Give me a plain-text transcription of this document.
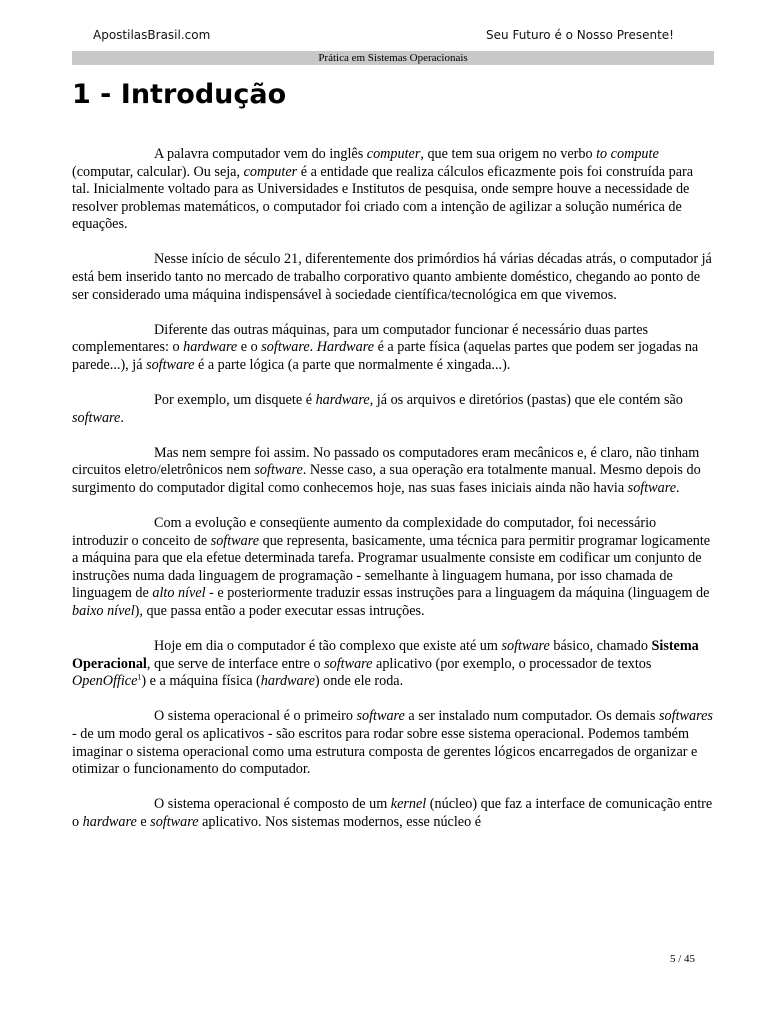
ApostilasBrasil.com	Seu Futuro é o Nosso Presente!
Prática em Sistemas Operacionais
1 - Introdução

A palavra computador vem do inglês computer, que tem sua origem no verbo to compute (computar, calcular). Ou seja, computer é a entidade que realiza cálculos eficazmente pois foi construída para tal. Inicialmente voltado para as Universidades e Institutos de pesquisa, onde sempre houve a necessidade de resolver problemas matemáticos, o computador foi criado com a intenção de agilizar a solução numérica de equações.

Nesse início de século 21, diferentemente dos primórdios há várias décadas atrás, o computador já está bem inserido tanto no mercado de trabalho corporativo quanto ambiente doméstico, chegando ao ponto de ser considerado uma máquina indispensável à sociedade científica/tecnológica em que vivemos.

Diferente das outras máquinas, para um computador funcionar é necessário duas partes complementares: o hardware e o software. Hardware é a parte física (aquelas partes que podem ser jogadas na parede...), já software é a parte lógica (a parte que normalmente é xingada...).

Por exemplo, um disquete é hardware, já os arquivos e diretórios (pastas) que ele contém são software.

Mas nem sempre foi assim. No passado os computadores eram mecânicos e, é claro, não tinham circuitos eletro/eletrônicos nem software. Nesse caso, a sua operação era totalmente manual. Mesmo depois do surgimento do computador digital como conhecemos hoje, nas suas fases iniciais ainda não havia software.

Com a evolução e conseqüente aumento da complexidade do computador, foi necessário introduzir o conceito de software que representa, basicamente, uma técnica para permitir programar logicamente a máquina para que ela efetue determinada tarefa. Programar usualmente consiste em codificar um conjunto de instruções numa dada linguagem de programação - semelhante à linguagem humana, por isso chamada de linguagem de alto nível - e posteriormente traduzir essas instruções para a linguagem da máquina (linguagem de baixo nível), que passa então a poder executar essas intruções.

Hoje em dia o computador é tão complexo que existe até um software básico, chamado Sistema Operacional, que serve de interface entre o software aplicativo (por exemplo, o processador de textos OpenOffice$^1$) e a máquina física (hardware) onde ele roda.

O sistema operacional é o primeiro software a ser instalado num computador. Os demais softwares - de um modo geral os aplicativos - são escritos para rodar sobre esse sistema operacional. Podemos também imaginar o sistema operacional como uma estrutura composta de gerentes lógicos encarregados de organizar e otimizar o funcionamento do computador.

O sistema operacional é composto de um kernel (núcleo) que faz a interface de comunicação entre o hardware e software aplicativo. Nos sistemas modernos, esse núcleo é

5 / 45
